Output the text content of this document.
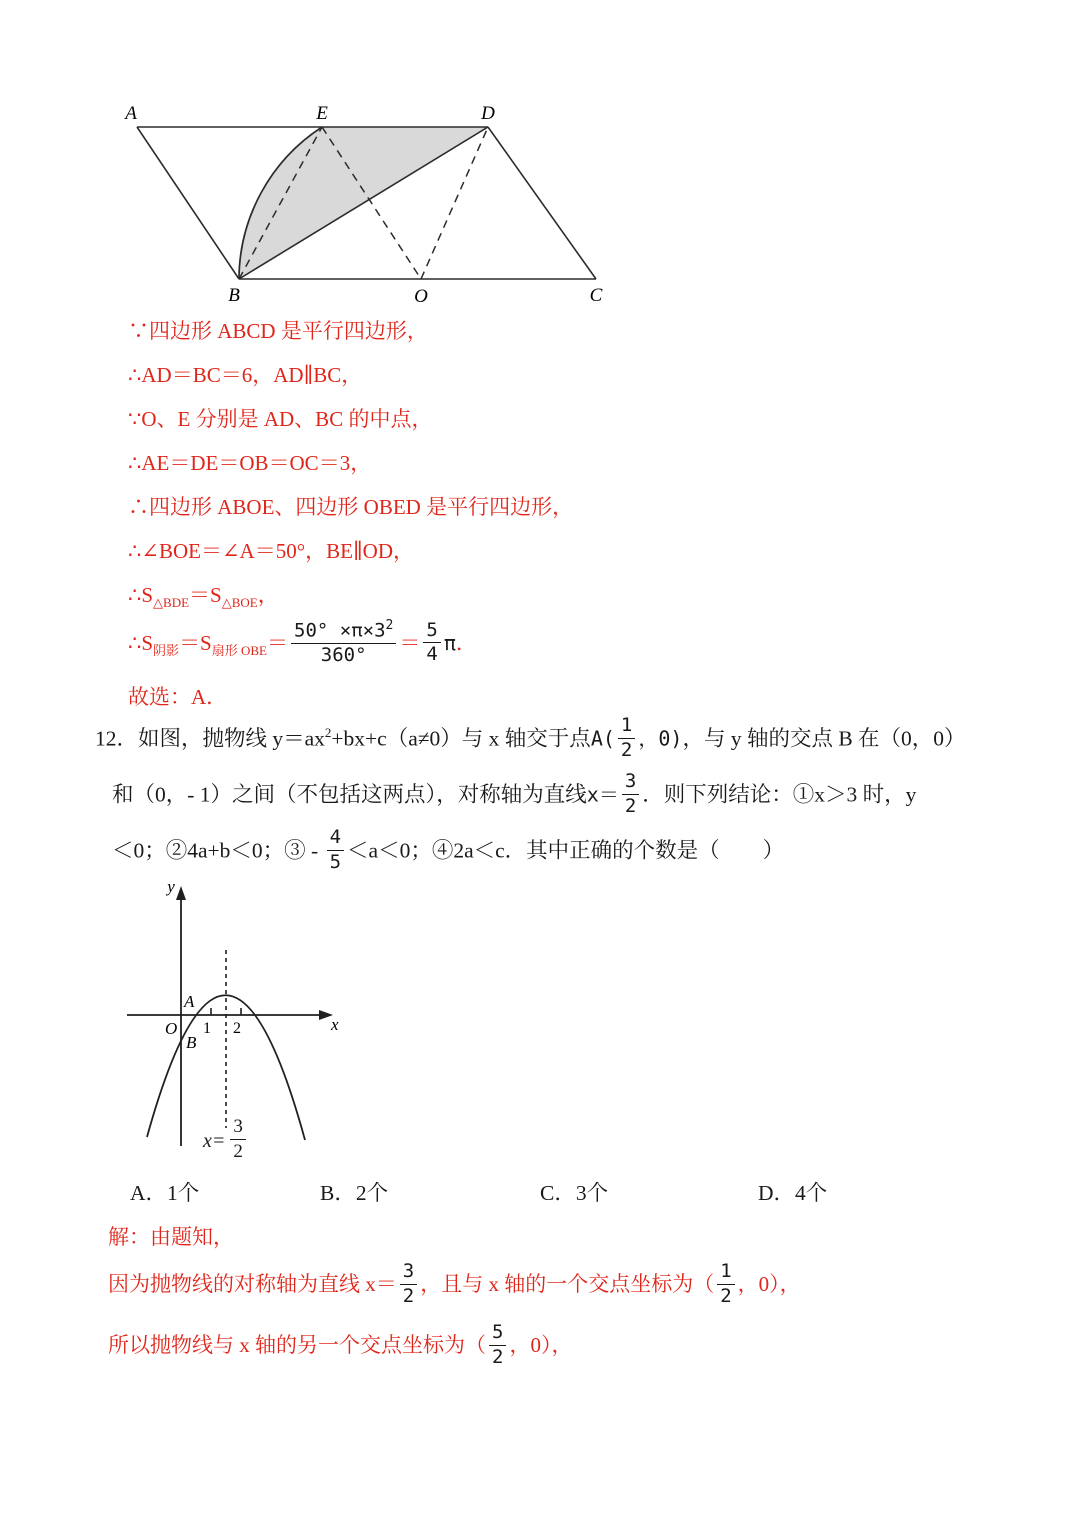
A	E	D
B	O	C
∵四边形 ABCD 是平行四边形，
∴AD＝BC＝6，AD∥BC，
∵O、E 分别是 AD、BC 的中点，
∴AE＝DE＝OB＝OC＝3，
∴四边形 ABOE、四边形 OBED 是平行四边形，
∴∠BOE＝∠A＝50°，BE∥OD，
$\therefore S_{\triangle BDE}=S_{\triangle BOE}$，
$\therefore S_{阴影}=S_{扇形 OBE}= \frac{50^\circ \times\pi\times 3^2}{360^\circ} = \frac{5}{4}$ π．
故选：A．
12．如图，抛物线 $y=ax^2+bx+c(a\ne 0)$与 x 轴交于点$A( \frac{1}{2}$ ，0)，与 y 轴的交点 B 在（0，0）
和（0，- 1）之间（不包括这两点），对称轴为直线$x= \frac{3}{2}$ ．则下列结论：①x＞3 时，y
＜0；②4a+b＜0；③ - $\frac{4}{5} <a<0$；④2a＜c．其中正确的个数是（　　）
y
x
O
A
B
1 2
$x= \frac{3}{2}$
A．1个	B．2个	C．3个	D．4个
解：由题知，
因为抛物线的对称轴为直线 $x= \frac{3}{2}$ ，且与 x 轴的一个交点坐标为（ $\frac{1}{2}$ ，0），
所以抛物线与 x 轴的另一个交点坐标为（ $\frac{5}{2}$ ，0），
